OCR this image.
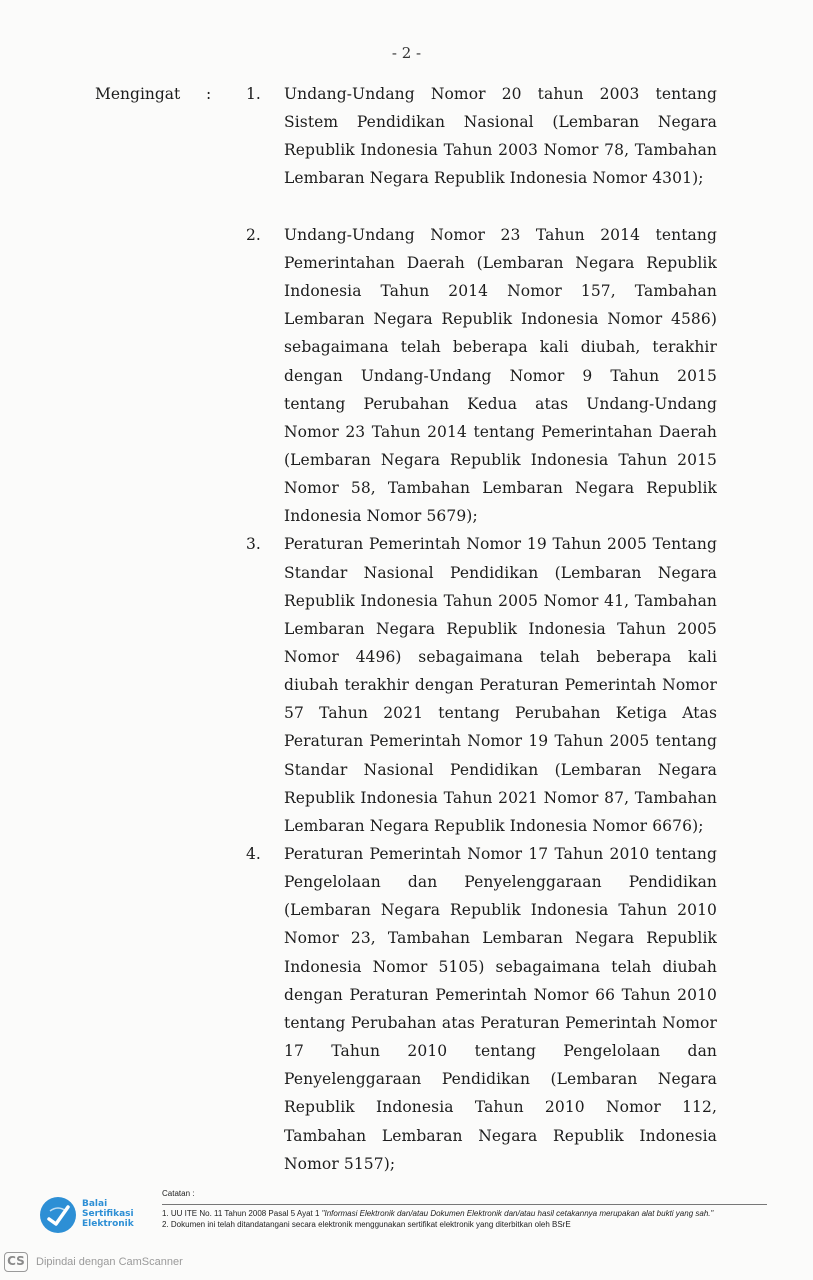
- 2 -
Mengingat : 1. Undang-Undang Nomor 20 tahun 2003 tentang Sistem Pendidikan Nasional (Lembaran Negara Republik Indonesia Tahun 2003 Nomor 78, Tambahan Lembaran Negara Republik Indonesia Nomor 4301);
2. Undang-Undang Nomor 23 Tahun 2014 tentang Pemerintahan Daerah (Lembaran Negara Republik Indonesia Tahun 2014 Nomor 157, Tambahan Lembaran Negara Republik Indonesia Nomor 4586) sebagaimana telah beberapa kali diubah, terakhir dengan Undang-Undang Nomor 9 Tahun 2015 tentang Perubahan Kedua atas Undang-Undang Nomor 23 Tahun 2014 tentang Pemerintahan Daerah (Lembaran Negara Republik Indonesia Tahun 2015 Nomor 58, Tambahan Lembaran Negara Republik Indonesia Nomor 5679);
3. Peraturan Pemerintah Nomor 19 Tahun 2005 Tentang Standar Nasional Pendidikan (Lembaran Negara Republik Indonesia Tahun 2005 Nomor 41, Tambahan Lembaran Negara Republik Indonesia Tahun 2005 Nomor 4496) sebagaimana telah beberapa kali diubah terakhir dengan Peraturan Pemerintah Nomor 57 Tahun 2021 tentang Perubahan Ketiga Atas Peraturan Pemerintah Nomor 19 Tahun 2005 tentang Standar Nasional Pendidikan (Lembaran Negara Republik Indonesia Tahun 2021 Nomor 87, Tambahan Lembaran Negara Republik Indonesia Nomor 6676);
4. Peraturan Pemerintah Nomor 17 Tahun 2010 tentang Pengelolaan dan Penyelenggaraan Pendidikan (Lembaran Negara Republik Indonesia Tahun 2010 Nomor 23, Tambahan Lembaran Negara Republik Indonesia Nomor 5105) sebagaimana telah diubah dengan Peraturan Pemerintah Nomor 66 Tahun 2010 tentang Perubahan atas Peraturan Pemerintah Nomor 17 Tahun 2010 tentang Pengelolaan dan Penyelenggaraan Pendidikan (Lembaran Negara Republik Indonesia Tahun 2010 Nomor 112, Tambahan Lembaran Negara Republik Indonesia Nomor 5157);
Balai
Sertifikasi
Elektronik
Catatan :
1. UU ITE No. 11 Tahun 2008 Pasal 5 Ayat 1 "Informasi Elektronik dan/atau Dokumen Elektronik dan/atau hasil cetakannya merupakan alat bukti yang sah."
2. Dokumen ini telah ditandatangani secara elektronik menggunakan sertifikat elektronik yang diterbitkan oleh BSrE
CS Dipindai dengan CamScanner
